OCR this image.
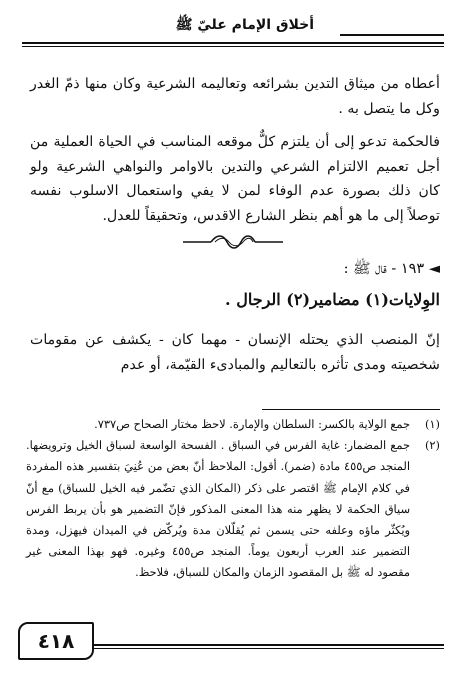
أخلاق الإمام عليّ ﷺ
أعطاه من ميثاق التدين بشرائعه وتعاليمه الشرعية وكان منها ذمّ الغدر وكل ما يتصل به .
فالحكمة تدعو إلى أن يلتزم كلٌّ موقعه المناسب في الحياة العملية من أجل تعميم الالتزام الشرعي والتدين بالاوامر والنواهي الشرعية ولو كان ذلك بصورة عدم الوفاء لمن لا يفي واستعمال الاسلوب نفسه توصلاً إلى ما هو أهم بنظر الشارع الاقدس، وتحقيقاً للعدل.
◄ ١٩٣ - قال ﷺ :
الوِلايات(١) مضامير(٢) الرجال .
إنّ المنصب الذي يحتله الإنسان - مهما كان - يكشف عن مقومات شخصيته ومدى تأثره بالتعاليم والمبادىء القيّمة، أو عدم
(١)
جمع الولاية بالكسر: السلطان والإمارة. لاحظ مختار الصحاح ص٧٣٧.
(٢)
جمع المضمار: غاية الفرس في السباق . الفسحة الواسعة لسباق الخيل وترويضها. المنجد ص٤٥٥ مادة (ضمر). أقول: الملاحظ أنّ بعض من عُنِيَ بتفسير هذه المفردة في كلام الإمام ﷺ اقتصر على ذكر (المكان الذي تضّمر فيه الخيل للسباق) مع أنّ سياق الحكمة لا يظهر منه هذا المعنى المذكور فإنّ التضمير هو بأن يربط الفرس ويُكثّر ماؤه وعلفه حتى يسمن ثم يُقلّلان مدة ويُركّض في الميدان فيهزل، ومدة التضمير عند العرب أربعون يوماً. المنجد ص٤٥٥ وغيره. فهو بهذا المعنى غير مقصود له ﷺ بل المقصود الزمان والمكان للسباق، فلاحظ.
٤١٨
